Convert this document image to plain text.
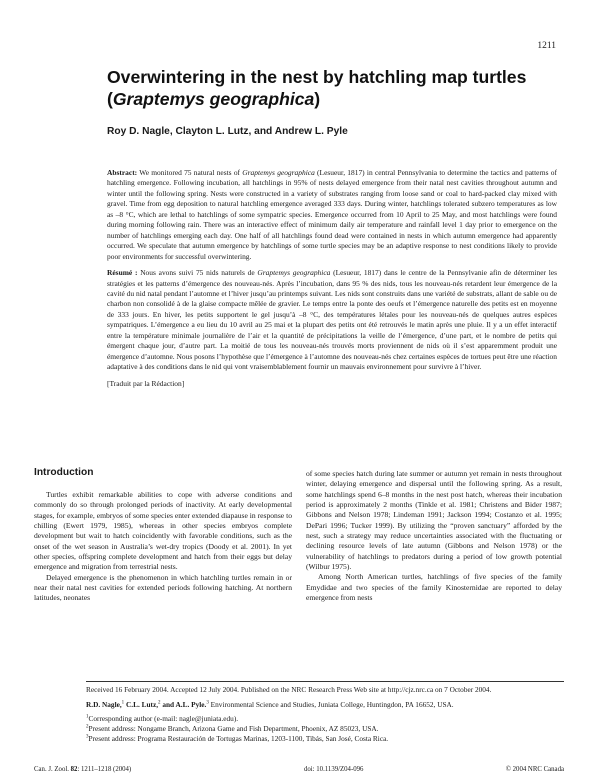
1211
Overwintering in the nest by hatchling map turtles
(Graptemys geographica)
Roy D. Nagle, Clayton L. Lutz, and Andrew L. Pyle

Abstract: We monitored 75 natural nests of Graptemys geographica (Lesueur, 1817) in central Pennsylvania to determine the tactics and patterns of hatchling emergence. Following incubation, all hatchlings in 95% of nests delayed emergence from their natal nest cavities throughout autumn and winter until the following spring. Nests were constructed in a variety of substrates ranging from loose sand or coal to hard-packed clay mixed with gravel. Time from egg deposition to natural hatchling emergence averaged 333 days. During winter, hatchlings tolerated subzero temperatures as low as –8 °C, which are lethal to hatchlings of some sympatric species. Emergence occurred from 10 April to 25 May, and most hatchlings were found during morning following rain. There was an interactive effect of minimum daily air temperature and rainfall level 1 day prior to emergence on the number of hatchlings emerging each day. One half of all hatchlings found dead were contained in nests in which autumn emergence had apparently occurred. We speculate that autumn emergence by hatchlings of some turtle species may be an adaptive response to nest conditions likely to provide poor environments for successful overwintering.

Résumé : Nous avons suivi 75 nids naturels de Graptemys geographica (Lesueur, 1817) dans le centre de la Pennsylvanie afin de déterminer les stratégies et les patterns d’émergence des nouveau-nés. Après l’incubation, dans 95 % des nids, tous les nouveau-nés retardent leur émergence de la cavité du nid natal pendant l’automne et l’hiver jusqu’au printemps suivant. Les nids sont construits dans une variété de substrats, allant de sable ou de charbon non consolidé à de la glaise compacte mêlée de gravier. Le temps entre la ponte des oeufs et l’émergence naturelle des petits est en moyenne de 333 jours. En hiver, les petits supportent le gel jusqu’à –8 °C, des températures létales pour les nouveau-nés de quelques autres espèces sympatriques. L’émergence a eu lieu du 10 avril au 25 mai et la plupart des petits ont été retrouvés le matin après une pluie. Il y a un effet interactif entre la température minimale journalière de l’air et la quantité de précipitations la veille de l’émergence, d’une part, et le nombre de petits qui émergent chaque jour, d’autre part. La moitié de tous les nouveau-nés trouvés morts proviennent de nids où il s’est apparemment produit une émergence d’automne. Nous posons l’hypothèse que l’émergence à l’automne des nouveau-nés chez certaines espèces de tortues peut être une réaction adaptative à des conditions dans le nid qui vont vraisemblablement fournir un mauvais environnement pour survivre à l’hiver.

[Traduit par la Rédaction]

Introduction

Turtles exhibit remarkable abilities to cope with adverse conditions and commonly do so through prolonged periods of inactivity. At early developmental stages, for example, embryos of some species enter extended diapause in response to chilling (Ewert 1979, 1985), whereas in other species embryos complete development but wait to hatch coincidently with favorable conditions, such as the onset of the wet season in Australia’s wet-dry tropics (Doody et al. 2001). In yet other species, offspring complete development and hatch from their eggs but delay emergence and migration from terrestrial nests.

Delayed emergence is the phenomenon in which hatchling turtles remain in or near their natal nest cavities for extended periods following hatching. At northern latitudes, neonates

of some species hatch during late summer or autumn yet remain in nests throughout winter, delaying emergence and dispersal until the following spring. As a result, some hatchlings spend 6–8 months in the nest post hatch, whereas their incubation period is approximately 2 months (Tinkle et al. 1981; Christens and Bider 1987; Gibbons and Nelson 1978; Lindeman 1991; Jackson 1994; Costanzo et al. 1995; DePari 1996; Tucker 1999). By utilizing the “proven sanctuary” afforded by the nest, such a strategy may reduce uncertainties associated with the fluctuating or declining resource levels of late autumn (Gibbons and Nelson 1978) or the vulnerability of hatchlings to predators during a period of low growth potential (Wilbur 1975).

Among North American turtles, hatchlings of five species of the family Emydidae and two species of the family Kinosternidae are reported to delay emergence from nests

Received 16 February 2004. Accepted 12 July 2004. Published on the NRC Research Press Web site at http://cjz.nrc.ca on 7 October 2004.
R.D. Nagle,$^1$ C.L. Lutz,$^2$ and A.L. Pyle.$^3$ Environmental Science and Studies, Juniata College, Huntingdon, PA 16652, USA.
$^1$Corresponding author (e-mail: nagle@juniata.edu).
$^2$Present address: Nongame Branch, Arizona Game and Fish Department, Phoenix, AZ 85023, USA.
$^3$Present address: Programa Restauración de Tortugas Marinas, 1203-1100, Tibás, San José, Costa Rica.
Can. J. Zool. 82: 1211–1218 (2004)	doi: 10.1139/Z04-096	© 2004 NRC Canada
